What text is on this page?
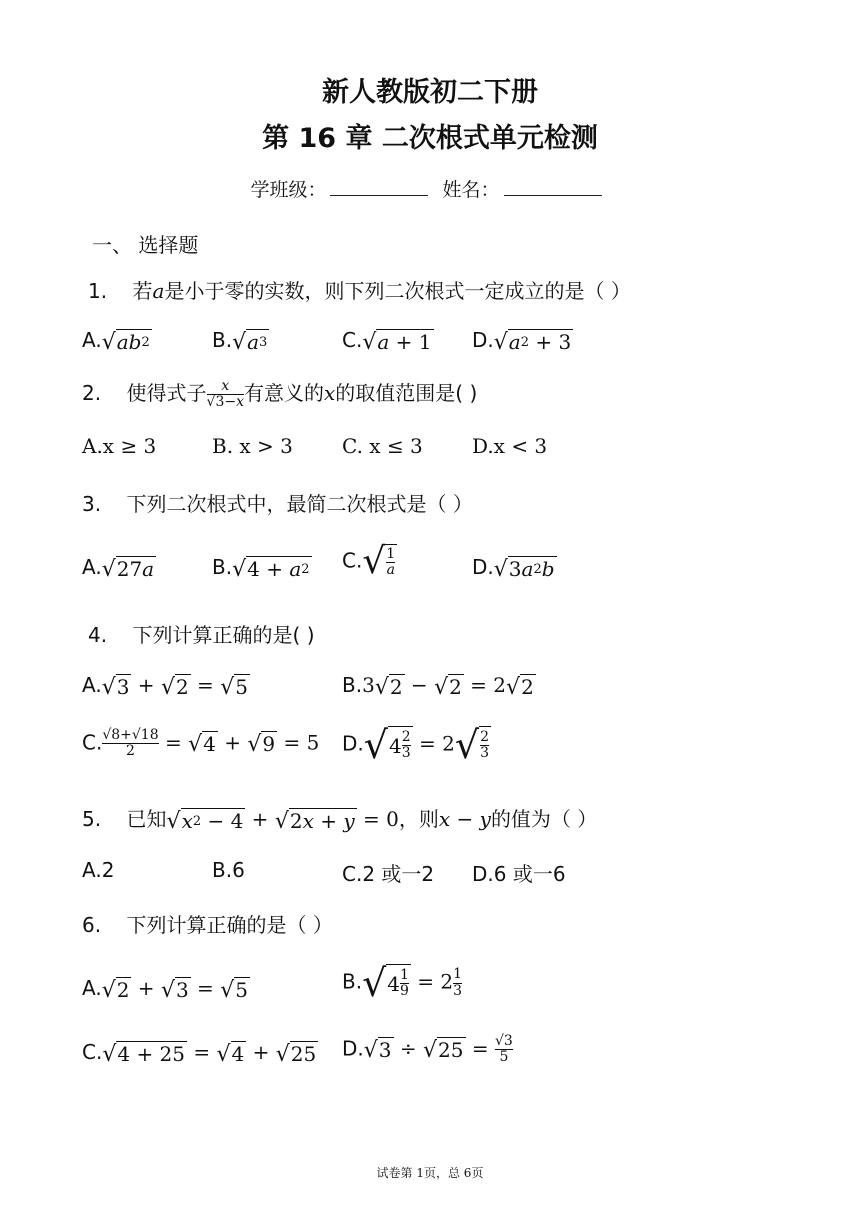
新人教版初二下册
第 16 章 二次根式单元检测
学班级：	姓名：
一、 选择题
1. 若a是小于零的实数，则下列二次根式一定成立的是（ ）
A. √ ab 2	B. √ a 3	C. √ a + 1 D. √ a 2 + 3
2. 使得式子 $\frac{x}{√3-x}$ 有意义的x的取值范围是( )
A.x ≥ 3	B. x > 3 C. x ≤ 3 D.x < 3
3. 下列二次根式中，最简二次根式是（ ）
A. √ 27 a	B. √ 4 + a 2 C. √ $\frac{1}{a}$	D. √ 3 a 2 b
4. 下列计算正确的是( )
A. √ 3 + √ 2 = √ 5	B.3 √ 2 − √ 2 = 2 √ 2
C. $\frac{√8+√18}{2}$ = √ 4 + √ 9 = 5 D. √ $4 \frac{2}{3} = 2$ √ $\frac{2}{3}$
5. 已知 √ x 2 − 4 + √ 2 x + y = 0，则x − y的值为（ ）
A.2	B.6	C.2 或一2 D.6 或一6
6. 下列计算正确的是（ ）
A. √ 2 + √ 3 = √ 5	B. √ $4 \frac{1}{9} = 2 \frac{1}{3}$
C. √ 4 + 25 = √ 4 + √ 25 D. √ 3 ÷ √ $25 = \frac{√3}{5}$
试卷第 1页，总 6页
